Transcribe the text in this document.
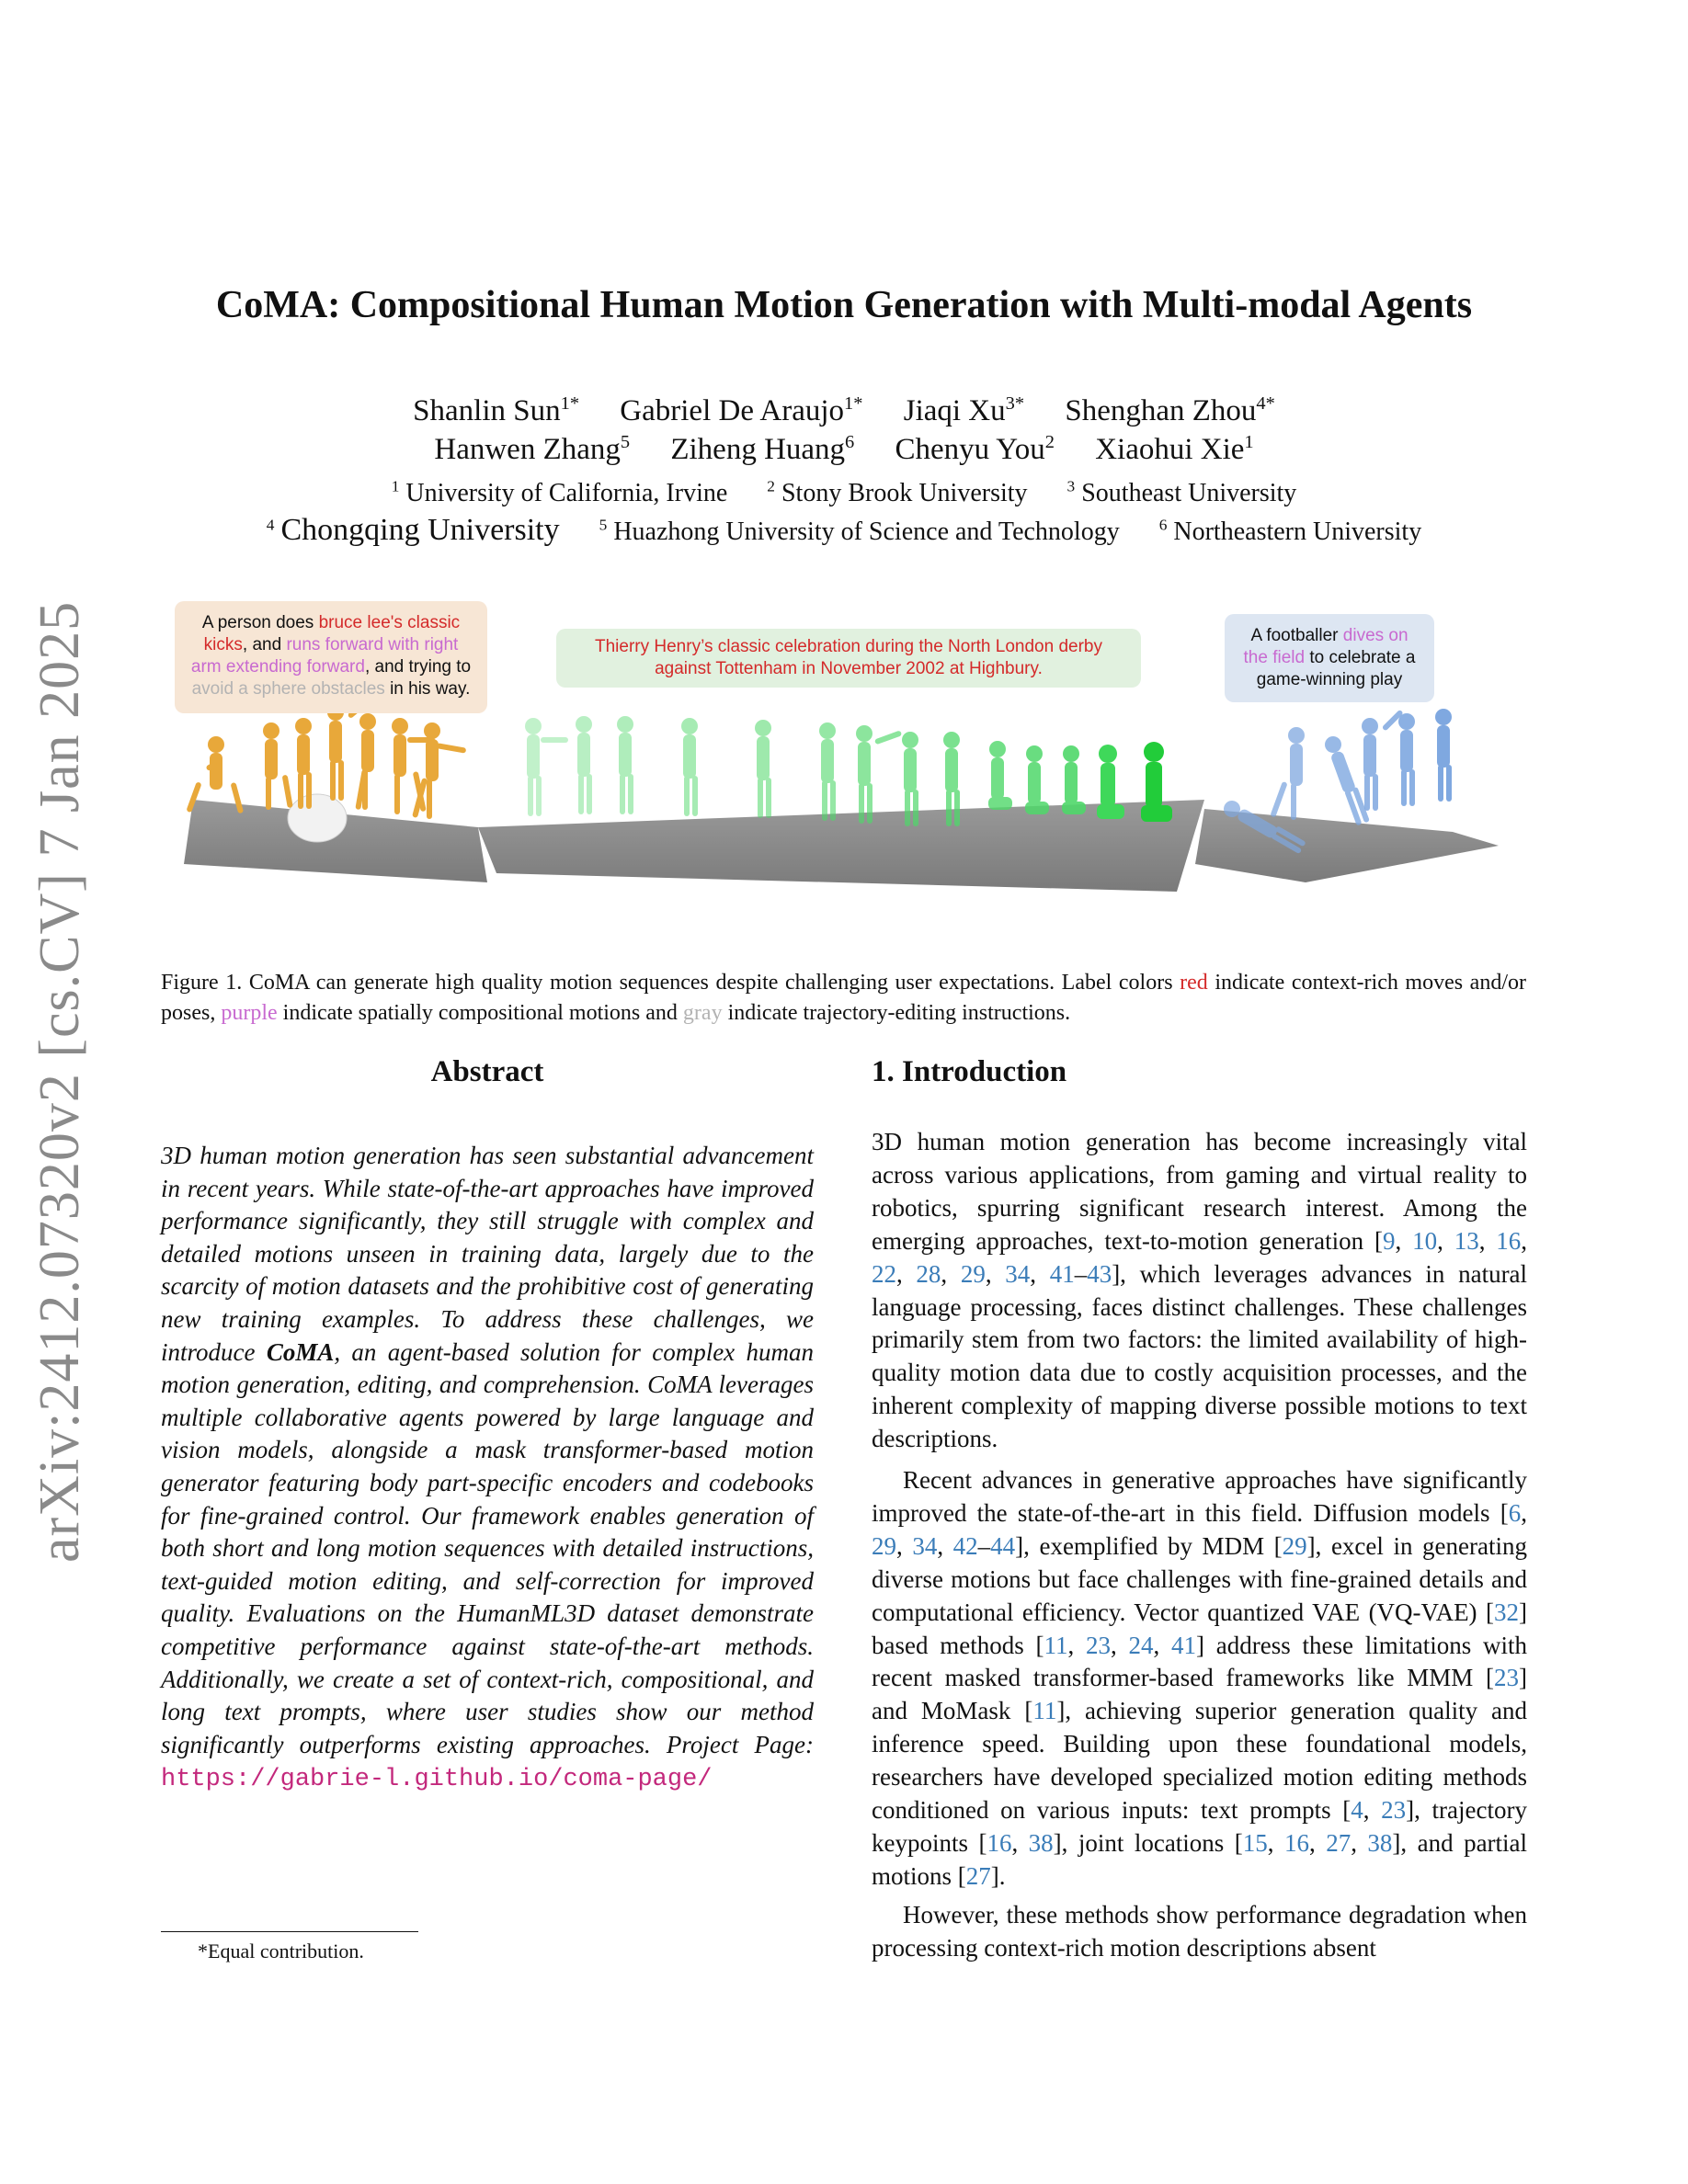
arXiv:2412.07320v2 [cs.CV] 7 Jan 2025
CoMA: Compositional Human Motion Generation with Multi-modal Agents
Shanlin Sun$^{1*}$ Gabriel De Araujo$^{1*}$ Jiaqi $Xu^{3*}$ Shenghan Zhou$^{4*}$
Hanwen Zhang$^5$ Ziheng Huang$^6$ Chenyu You$^2$ Xiaohui Xie$^1$
$^1$ University of California, Irvine $^2$ Stony Brook University $^3$ Southeast University
$^4$ Chongqing University $^5$ Huazhong University of Science and Technology $^6$ Northeastern University
A person does bruce lee's classic kicks, and runs forward with right arm extending forward, and trying to avoid a sphere obstacles in his way.
Thierry Henry’s classic celebration during the North London derby against Tottenham in November 2002 at Highbury.
A footballer dives on the field to celebrate a game-winning play
Figure 1. CoMA can generate high quality motion sequences despite challenging user expectations. Label colors red indicate context-rich moves and/or poses, purple indicate spatially compositional motions and gray indicate trajectory-editing instructions.
Abstract
3D human motion generation has seen substantial advancement in recent years. While state-of-the-art approaches have improved performance significantly, they still struggle with complex and detailed motions unseen in training data, largely due to the scarcity of motion datasets and the prohibitive cost of generating new training examples. To address these challenges, we introduce CoMA, an agent-based solution for complex human motion generation, editing, and comprehension. CoMA leverages multiple collaborative agents powered by large language and vision models, alongside a mask transformer-based motion generator featuring body part-specific encoders and codebooks for fine-grained control. Our framework enables generation of both short and long motion sequences with detailed instructions, text-guided motion editing, and self-correction for improved quality. Evaluations on the HumanML3D dataset demonstrate competitive performance against state-of-the-art methods. Additionally, we create a set of context-rich, compositional, and long text prompts, where user studies show our method significantly outperforms existing approaches. Project Page: https://gabrie-l.github.io/coma-page/
*Equal contribution.
1. Introduction
3D human motion generation has become increasingly vital across various applications, from gaming and virtual reality to robotics, spurring significant research interest. Among the emerging approaches, text-to-motion generation [9, 10, 13, 16, 22, 28, 29, 34, 41–43], which leverages advances in natural language processing, faces distinct challenges. These challenges primarily stem from two factors: the limited availability of high-quality motion data due to costly acquisition processes, and the inherent complexity of mapping diverse possible motions to text descriptions.
Recent advances in generative approaches have significantly improved the state-of-the-art in this field. Diffusion models [6, 29, 34, 42–44], exemplified by MDM [29], excel in generating diverse motions but face challenges with fine-grained details and computational efficiency. Vector quantized VAE (VQ-VAE) [32] based methods [11, 23, 24, 41] address these limitations with recent masked transformer-based frameworks like MMM [23] and MoMask [11], achieving superior generation quality and inference speed. Building upon these foundational models, researchers have developed specialized motion editing methods conditioned on various inputs: text prompts [4, 23], trajectory keypoints [16, 38], joint locations [15, 16, 27, 38], and partial motions [27].
However, these methods show performance degradation when processing context-rich motion descriptions absent
